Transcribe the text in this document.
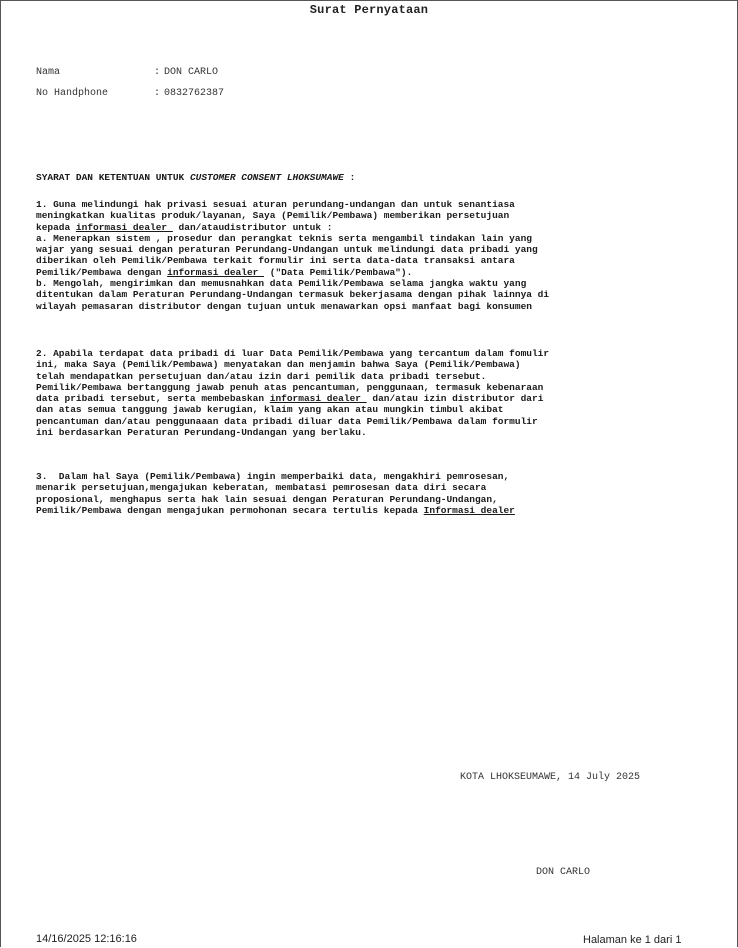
Surat Pernyataan
Nama	: DON CARLO
No Handphone	: 0832762387
SYARAT DAN KETENTUAN UNTUK CUSTOMER CONSENT LHOKSUMAWE :
1. Guna melindungi hak privasi sesuai aturan perundang-undangan dan untuk senantiasa
meningkatkan kualitas produk/layanan, Saya (Pemilik/Pembawa) memberikan persetujuan
kepada informasi dealer  dan/ataudistributor untuk :
a. Menerapkan sistem , prosedur dan perangkat teknis serta mengambil tindakan lain yang
wajar yang sesuai dengan peraturan Perundang-Undangan untuk melindungi data pribadi yang
diberikan oleh Pemilik/Pembawa terkait formulir ini serta data-data transaksi antara
Pemilik/Pembawa dengan informasi dealer  ("Data Pemilik/Pembawa").
b. Mengolah, mengirimkan dan memusnahkan data Pemilik/Pembawa selama jangka waktu yang
ditentukan dalam Peraturan Perundang-Undangan termasuk bekerjasama dengan pihak lainnya di
wilayah pemasaran distributor dengan tujuan untuk menawarkan opsi manfaat bagi konsumen
2. Apabila terdapat data pribadi di luar Data Pemilik/Pembawa yang tercantum dalam fomulir
ini, maka Saya (Pemilik/Pembawa) menyatakan dan menjamin bahwa Saya (Pemilik/Pembawa)
telah mendapatkan persetujuan dan/atau izin dari pemilik data pribadi tersebut.
Pemilik/Pembawa bertanggung jawab penuh atas pencantuman, penggunaan, termasuk kebenaraan
data pribadi tersebut, serta membebaskan informasi dealer  dan/atau izin distributor dari
dan atas semua tanggung jawab kerugian, klaim yang akan atau mungkin timbul akibat
pencantuman dan/atau penggunaaan data pribadi diluar data Pemilik/Pembawa dalam formulir
ini berdasarkan Peraturan Perundang-Undangan yang berlaku.
3.  Dalam hal Saya (Pemilik/Pembawa) ingin memperbaiki data, mengakhiri pemrosesan,
menarik persetujuan,mengajukan keberatan, membatasi pemrosesan data diri secara
proposional, menghapus serta hak lain sesuai dengan Peraturan Perundang-Undangan,
Pemilik/Pembawa dengan mengajukan permohonan secara tertulis kepada Informasi dealer
KOTA LHOKSEUMAWE, 14 July 2025
DON CARLO
14/16/2025 12:16:16	Halaman ke 1 dari 1
